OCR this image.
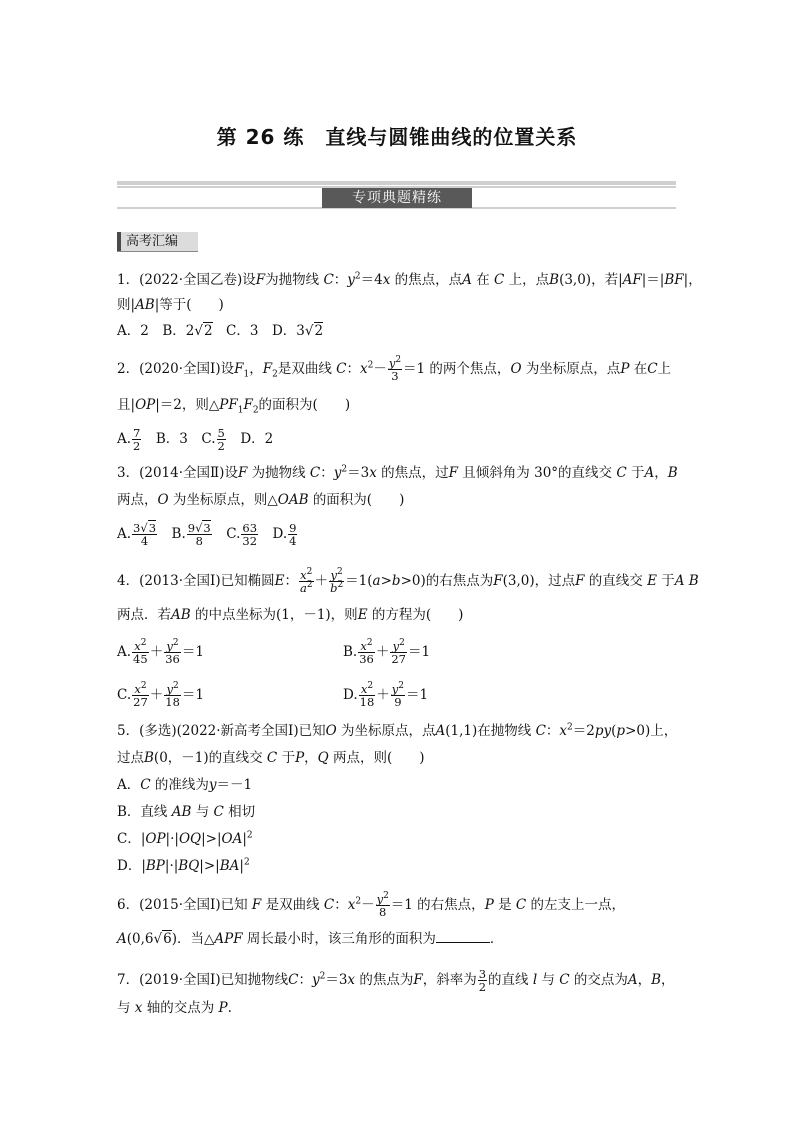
第 26 练　直线与圆锥曲线的位置关系
专项典题精练
高考汇编
1．(2022·全国乙卷)设F为抛物线 C：$y^2=4x$ 的焦点，点A 在 C 上，点B(3,0)，若|AF|＝|BF|，
则|AB|等于(　　)
A．2　B．2√2　C．3　D．3√2
2．(2020·全国Ⅰ)设$F_1$，$F_2$是双曲线 C：$x^2- \frac{y^2}{3} =1$ 的两个焦点，O 为坐标原点，点P 在C上
且|OP|＝2，则$\triangle PF_1F_2$的面积为(　　)
A. $\frac{7}{2}$ 　B．3　C. $\frac{5}{2}$ 　D．2
3．(2014·全国Ⅱ)设F 为抛物线 C：$y^2=3x$ 的焦点，过F 且倾斜角为 30°的直线交 C 于A，B
两点，O 为坐标原点，则△OAB 的面积为(　　)
A. $\frac{3√3}{4}$ 　B. $\frac{9√3}{8}$ 　C. $\frac{63}{32}$ 　D. $\frac{9}{4}$
4．(2013·全国Ⅰ)已知椭圆E： $\frac{x^2}{a^2} + \frac{y^2}{b^2} =1(a>b>0)$的右焦点为F(3,0)，过点F 的直线交 E 于A B
两点．若AB 的中点坐标为(1，－1)，则E 的方程为(　　)
A. $\frac{x^2}{45} + \frac{y^2}{36} =1$	B. $\frac{x^2}{36} + \frac{y^2}{27} =1$
C. $\frac{x^2}{27} + \frac{y^2}{18} =1$	D. $\frac{x^2}{18} + \frac{y^2}{9} =1$
5．(多选)(2022·新高考全国Ⅰ)已知O 为坐标原点，点A(1,1)在抛物线 C：$x^2=2py(p>0)$上，
过点B(0，－1)的直线交 C 于P，Q 两点，则(　　)
A．C 的准线为y＝－1
B．直线 AB 与 C 相切
C．$|OP|\cdot|OQ|>|OA|^2$
D．$|BP|\cdot|BQ|>|BA|^2$
6．(2015·全国Ⅰ)已知 F 是双曲线 C：$x^2- \frac{y^2}{8} =1$ 的右焦点，P 是 C 的左支上一点，
A(0,6√6)．当△APF 周长最小时，该三角形的面积为	．
7．(2019·全国Ⅰ)已知抛物线C：$y^2=3x$ 的焦点为F，斜率为 $\frac{3}{2}$ 的直线 l 与 C 的交点为A，B，
与 x 轴的交点为 P.
